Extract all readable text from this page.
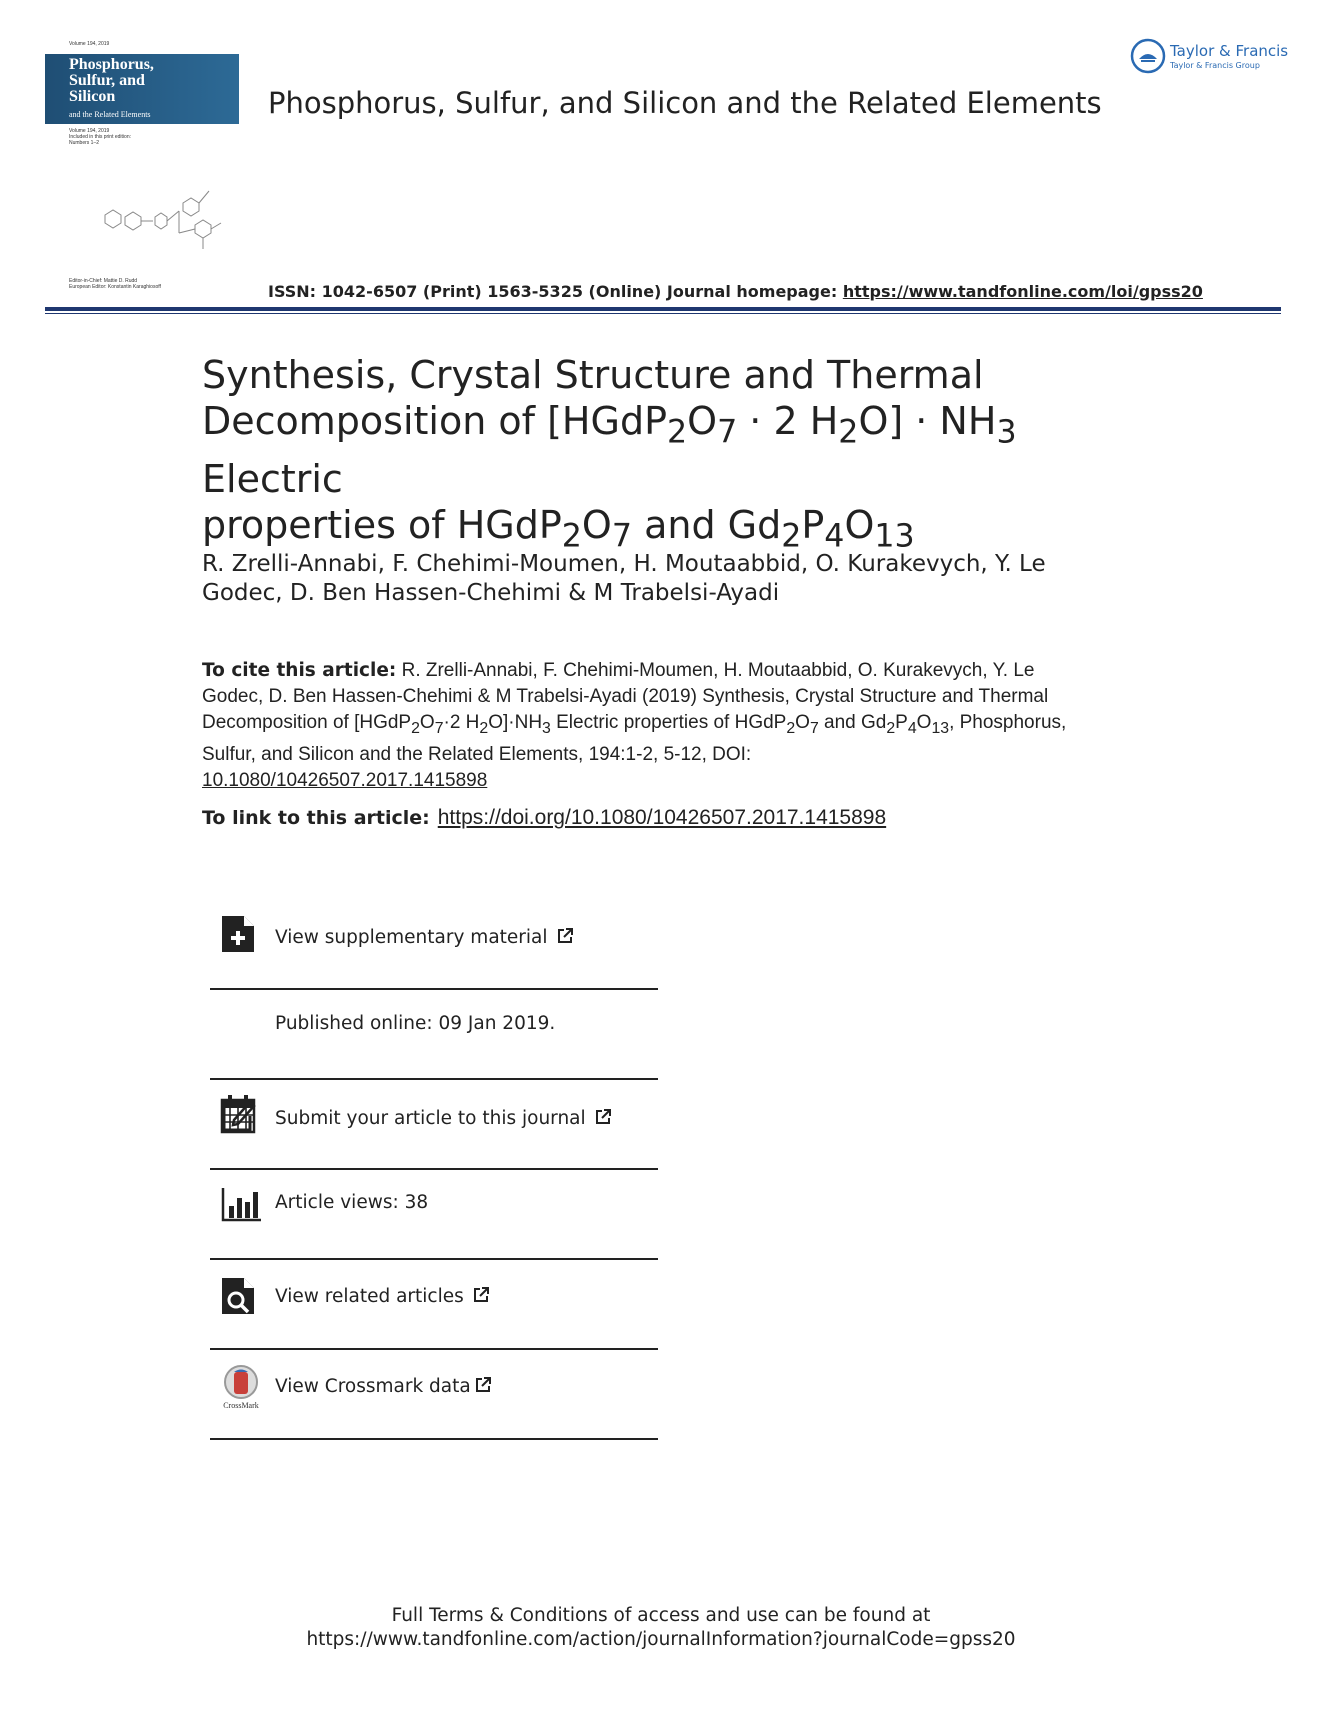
Volume 194, 2019
Phosphorus,
Sulfur, and
Silicon
and the Related Elements
Volume 194, 2019
Included in this print edition:
Numbers 1–2
Editor-in-Chief: Mattie D. Rudd
European Editor: Konstantin Karaghiosoff
Phosphorus, Sulfur, and Silicon and the Related Elements
Taylor & Francis
Taylor & Francis Group
ISSN: 1042-6507 (Print) 1563-5325 (Online) Journal homepage: https://www.tandfonline.com/loi/gpss20
Synthesis, Crystal Structure and Thermal
Decomposition of [$HGdP_2O_7 \cdot 2$ $H_2O] \cdot NH_3$ Electric
properties of $HGdP_2O_7$ and $Gd_2P_4O_{13}$
R. Zrelli-Annabi, F. Chehimi-Moumen, H. Moutaabbid, O. Kurakevych, Y. Le Godec, D. Ben Hassen-Chehimi & M Trabelsi-Ayadi
To cite this article: R. Zrelli-Annabi, F. Chehimi-Moumen, H. Moutaabbid, O. Kurakevych, Y. Le Godec, D. Ben Hassen-Chehimi & M Trabelsi-Ayadi (2019) Synthesis, Crystal Structure and Thermal Decomposition of [$HGdP_2O_7\cdot 2$ $H_2O]\cdot NH_3$ Electric properties of $HGdP_2O_7$ and $Gd_2P_4O_{13}$, Phosphorus, Sulfur, and Silicon and the Related Elements, 194:1-2, 5-12, DOI:
10.1080/10426507.2017.1415898
To link to this article: https://doi.org/10.1080/10426507.2017.1415898
View supplementary material
Published online: 09 Jan 2019.
Submit your article to this journal
Article views: 38
View related articles
CrossMark
View Crossmark data
Full Terms & Conditions of access and use can be found at
https://www.tandfonline.com/action/journalInformation?journalCode=gpss20
